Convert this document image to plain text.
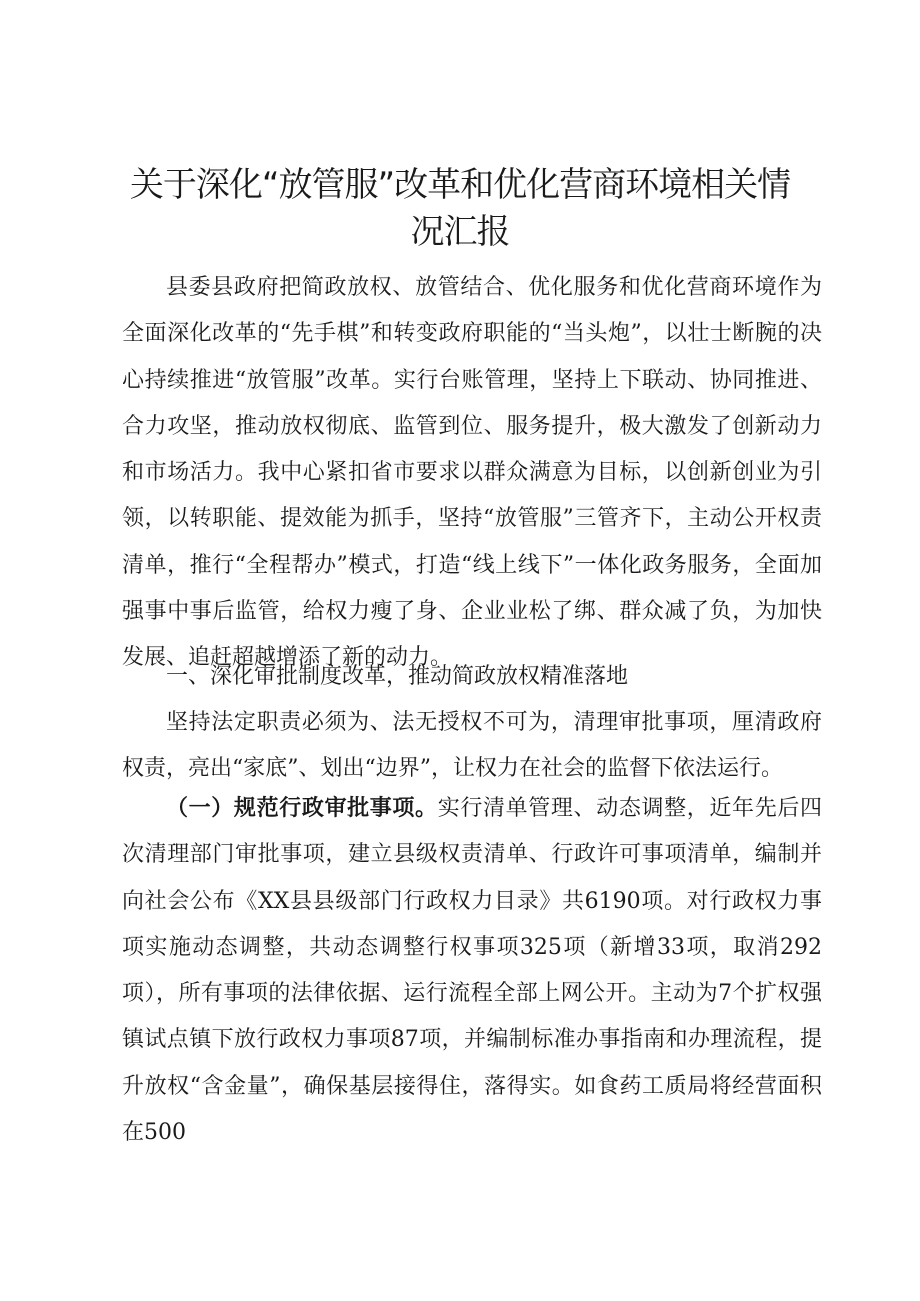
关于深化“放管服”改革和优化营商环境相关情况汇报

县委县政府把简政放权、放管结合、优化服务和优化营商环境作为全面深化改革的“先手棋”和转变政府职能的“当头炮”，以壮士断腕的决心持续推进“放管服”改革。实行台账管理，坚持上下联动、协同推进、合力攻坚，推动放权彻底、监管到位、服务提升，极大激发了创新动力和市场活力。我中心紧扣省市要求以群众满意为目标，以创新创业为引领，以转职能、提效能为抓手，坚持“放管服”三管齐下，主动公开权责清单，推行“全程帮办”模式，打造“线上线下”一体化政务服务，全面加强事中事后监管，给权力瘦了身、企业业松了绑、群众减了负，为加快发展、追赶超越增添了新的动力。

一、深化审批制度改革，推动简政放权精准落地

坚持法定职责必须为、法无授权不可为，清理审批事项，厘清政府权责，亮出“家底”、划出“边界”，让权力在社会的监督下依法运行。

（一）规范行政审批事项。实行清单管理、动态调整，近年先后四次清理部门审批事项，建立县级权责清单、行政许可事项清单，编制并向社会公布《XX县县级部门行政权力目录》共6190项。对行政权力事项实施动态调整，共动态调整行权事项325项（新增33项，取消292项），所有事项的法律依据、运行流程全部上网公开。主动为7个扩权强镇试点镇下放行政权力事项87项，并编制标准办事指南和办理流程，提升放权“含金量”，确保基层接得住，落得实。如食药工质局将经营面积在500
